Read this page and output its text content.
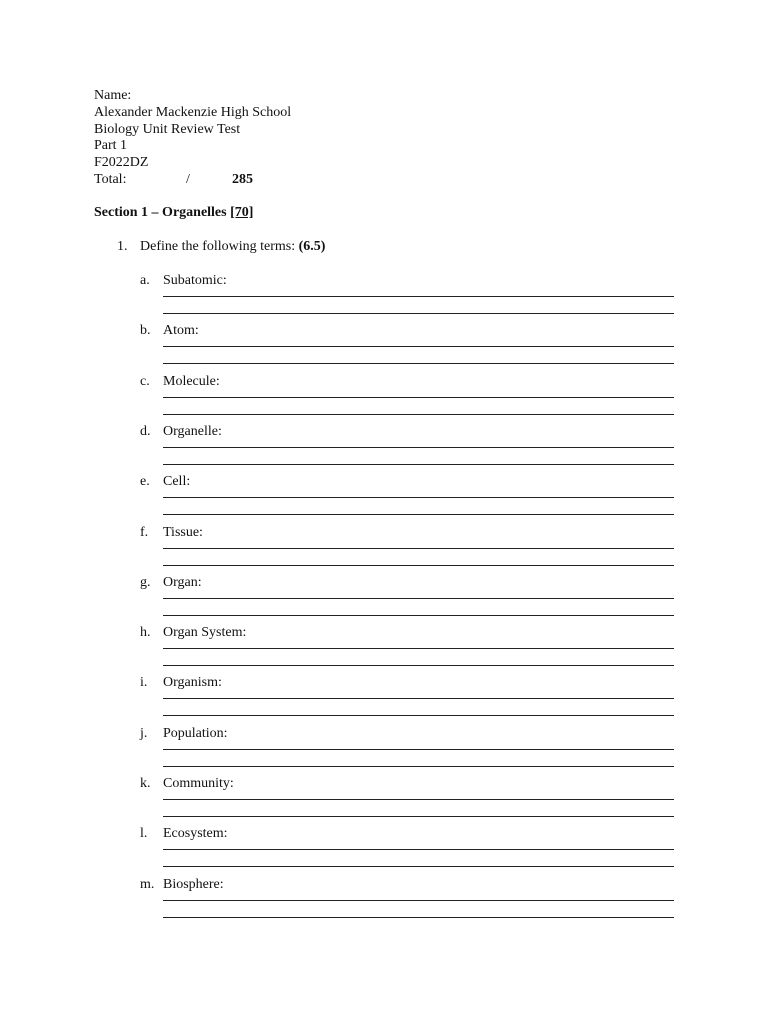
Name:
Alexander Mackenzie High School
Biology Unit Review Test
Part 1
F2022DZ
Total:	/	285
Section 1 – Organelles [70]
1. Define the following terms: (6.5)
a. Subatomic:
b. Atom:
c. Molecule:
d. Organelle:
e. Cell:
f.	Tissue:
g. Organ:
h. Organ System:
i.	Organism:
j.	Population:
k. Community:
l.	Ecosystem:
m. Biosphere:
